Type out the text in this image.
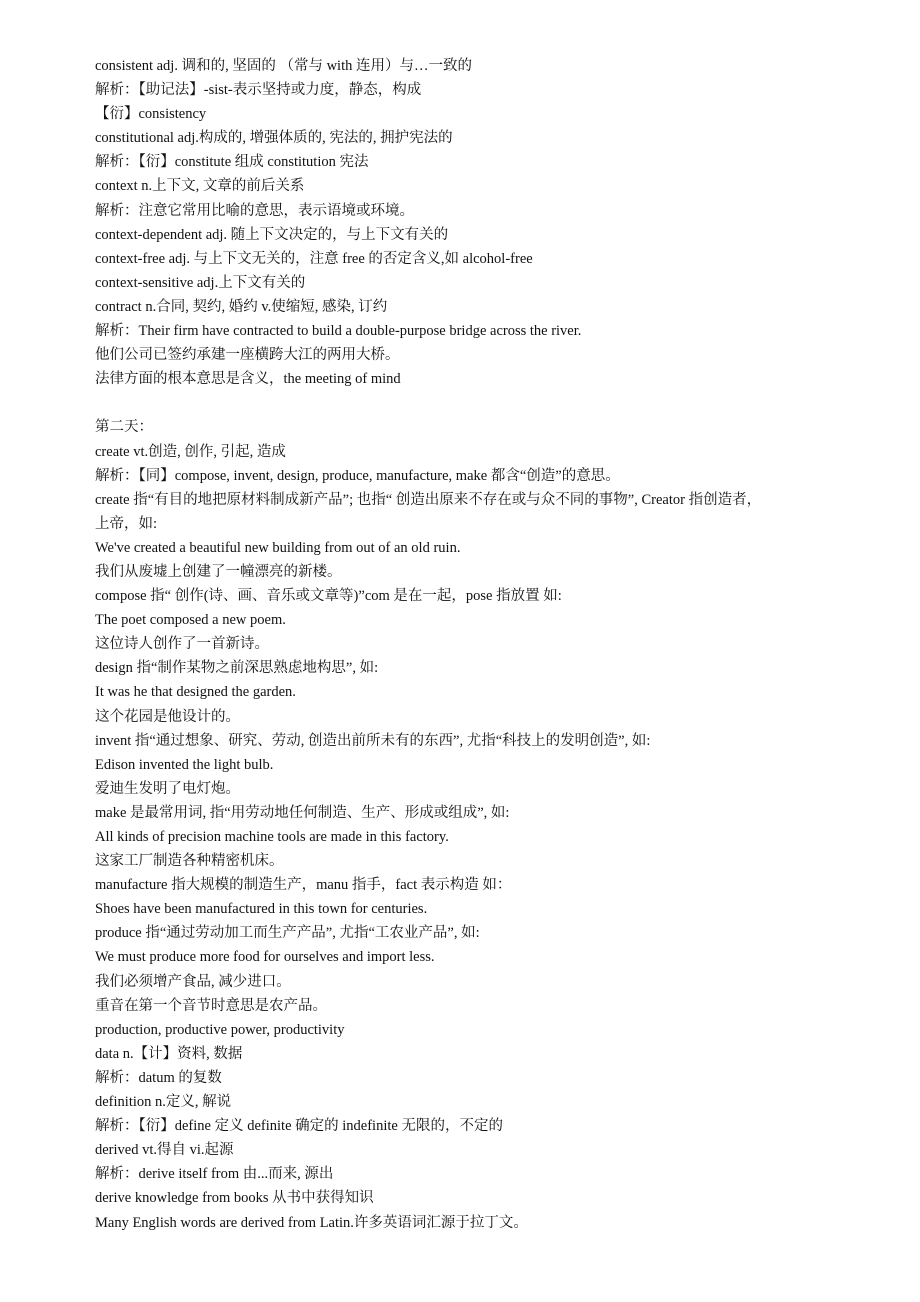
consistent adj. 调和的, 坚固的 （常与 with 连用）与…一致的
解析：【助记法】-sist-表示坚持或力度，静态，构成
【衍】consistency
constitutional adj.构成的, 增强体质的, 宪法的, 拥护宪法的
解析：【衍】constitute 组成 constitution 宪法
context n.上下文, 文章的前后关系
解析：注意它常用比喻的意思，表示语境或环境。
context-dependent adj. 随上下文决定的，与上下文有关的
context-free adj. 与上下文无关的，注意 free 的否定含义,如 alcohol-free
context-sensitive adj.上下文有关的
contract n.合同, 契约, 婚约 v.使缩短, 感染, 订约
解析：Their firm have contracted to build a double-purpose bridge across the river.
他们公司已签约承建一座横跨大江的两用大桥。
法律方面的根本意思是含义，the meeting of mind
第二天：
create vt.创造, 创作, 引起, 造成
解析：【同】compose, invent, design, produce, manufacture, make 都含“创造”的意思。
create 指“有目的地把原材料制成新产品”; 也指“ 创造出原来不存在或与众不同的事物”, Creator 指创造者，
上帝，如:
We've created a beautiful new building from out of an old ruin.
我们从废墟上创建了一幢漂亮的新楼。
compose 指“ 创作(诗、画、音乐或文章等)”com 是在一起，pose 指放置 如:
The poet composed a new poem.
这位诗人创作了一首新诗。
design 指“制作某物之前深思熟虑地构思”, 如:
It was he that designed the garden.
这个花园是他设计的。
invent 指“通过想象、研究、劳动, 创造出前所未有的东西”, 尤指“科技上的发明创造”, 如:
Edison invented the light bulb.
爱迪生发明了电灯炮。
make 是最常用词, 指“用劳动地任何制造、生产、形成或组成”, 如:
All kinds of precision machine tools are made in this factory.
这家工厂制造各种精密机床。
manufacture 指大规模的制造生产，manu 指手，fact 表示构造 如：
Shoes have been manufactured in this town for centuries.
produce 指“通过劳动加工而生产产品”, 尤指“工农业产品”, 如:
We must produce more food for ourselves and import less.
我们必须增产食品, 减少进口。
重音在第一个音节时意思是农产品。
production, productive power, productivity
data n.【计】资料, 数据
解析：datum 的复数
definition n.定义, 解说
解析：【衍】define 定义 definite 确定的 indefinite 无限的，不定的
derived vt.得自 vi.起源
解析：derive itself from 由...而来, 源出
derive knowledge from books 从书中获得知识
Many English words are derived from Latin.许多英语词汇源于拉丁文。
